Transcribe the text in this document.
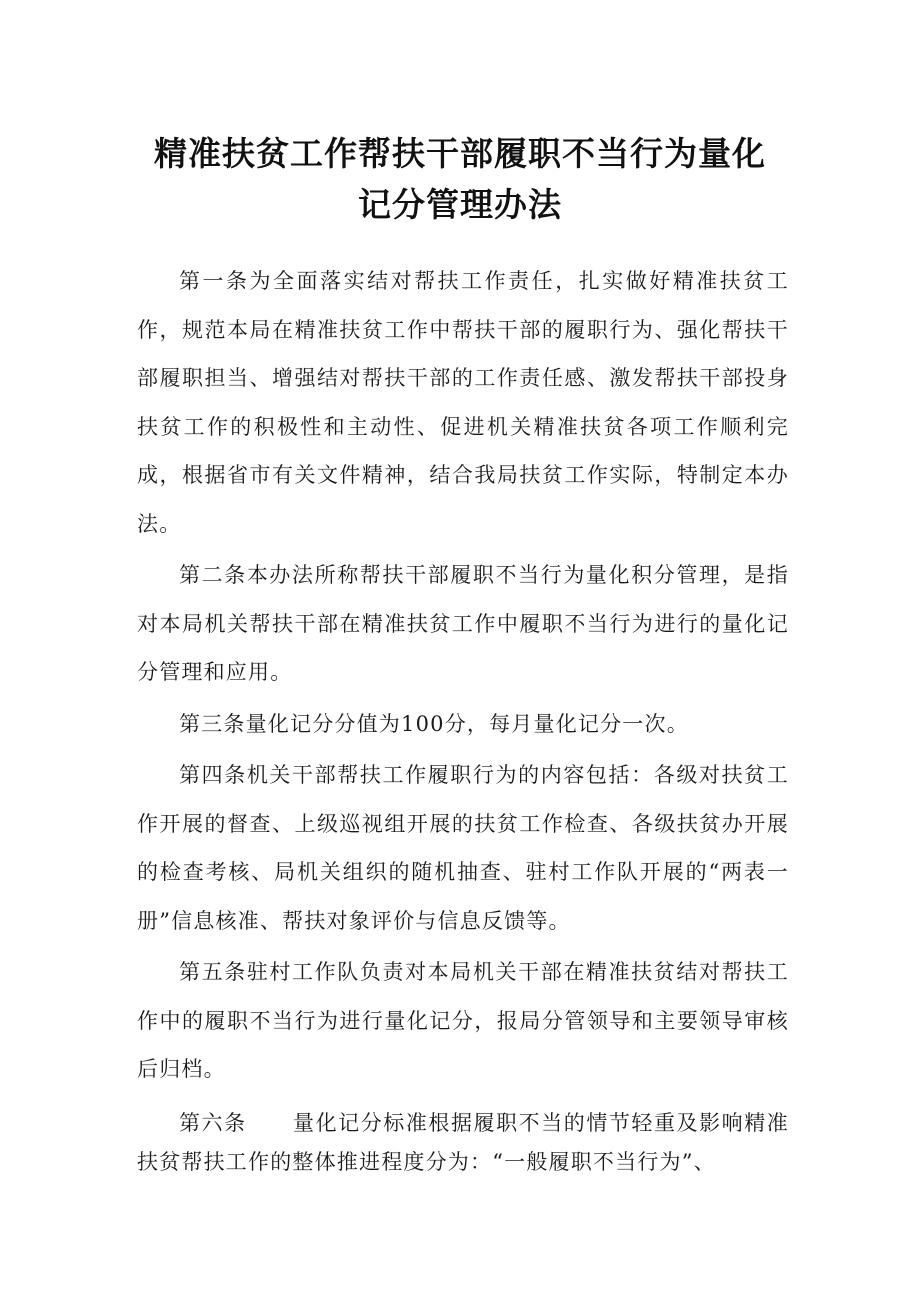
精准扶贫工作帮扶干部履职不当行为量化
记分管理办法

第一条为全面落实结对帮扶工作责任，扎实做好精准扶贫工作，规范本局在精准扶贫工作中帮扶干部的履职行为、强化帮扶干部履职担当、增强结对帮扶干部的工作责任感、激发帮扶干部投身扶贫工作的积极性和主动性、促进机关精准扶贫各项工作顺利完成，根据省市有关文件精神，结合我局扶贫工作实际，特制定本办法。

第二条本办法所称帮扶干部履职不当行为量化积分管理，是指对本局机关帮扶干部在精准扶贫工作中履职不当行为进行的量化记分管理和应用。

第三条量化记分分值为100分，每月量化记分一次。

第四条机关干部帮扶工作履职行为的内容包括：各级对扶贫工作开展的督查、上级巡视组开展的扶贫工作检查、各级扶贫办开展的检查考核、局机关组织的随机抽查、驻村工作队开展的“两表一册”信息核准、帮扶对象评价与信息反馈等。

第五条驻村工作队负责对本局机关干部在精准扶贫结对帮扶工作中的履职不当行为进行量化记分，报局分管领导和主要领导审核后归档。

第六条 量化记分标准根据履职不当的情节轻重及影响精准扶贫帮扶工作的整体推进程度分为：“一般履职不当行为”、
